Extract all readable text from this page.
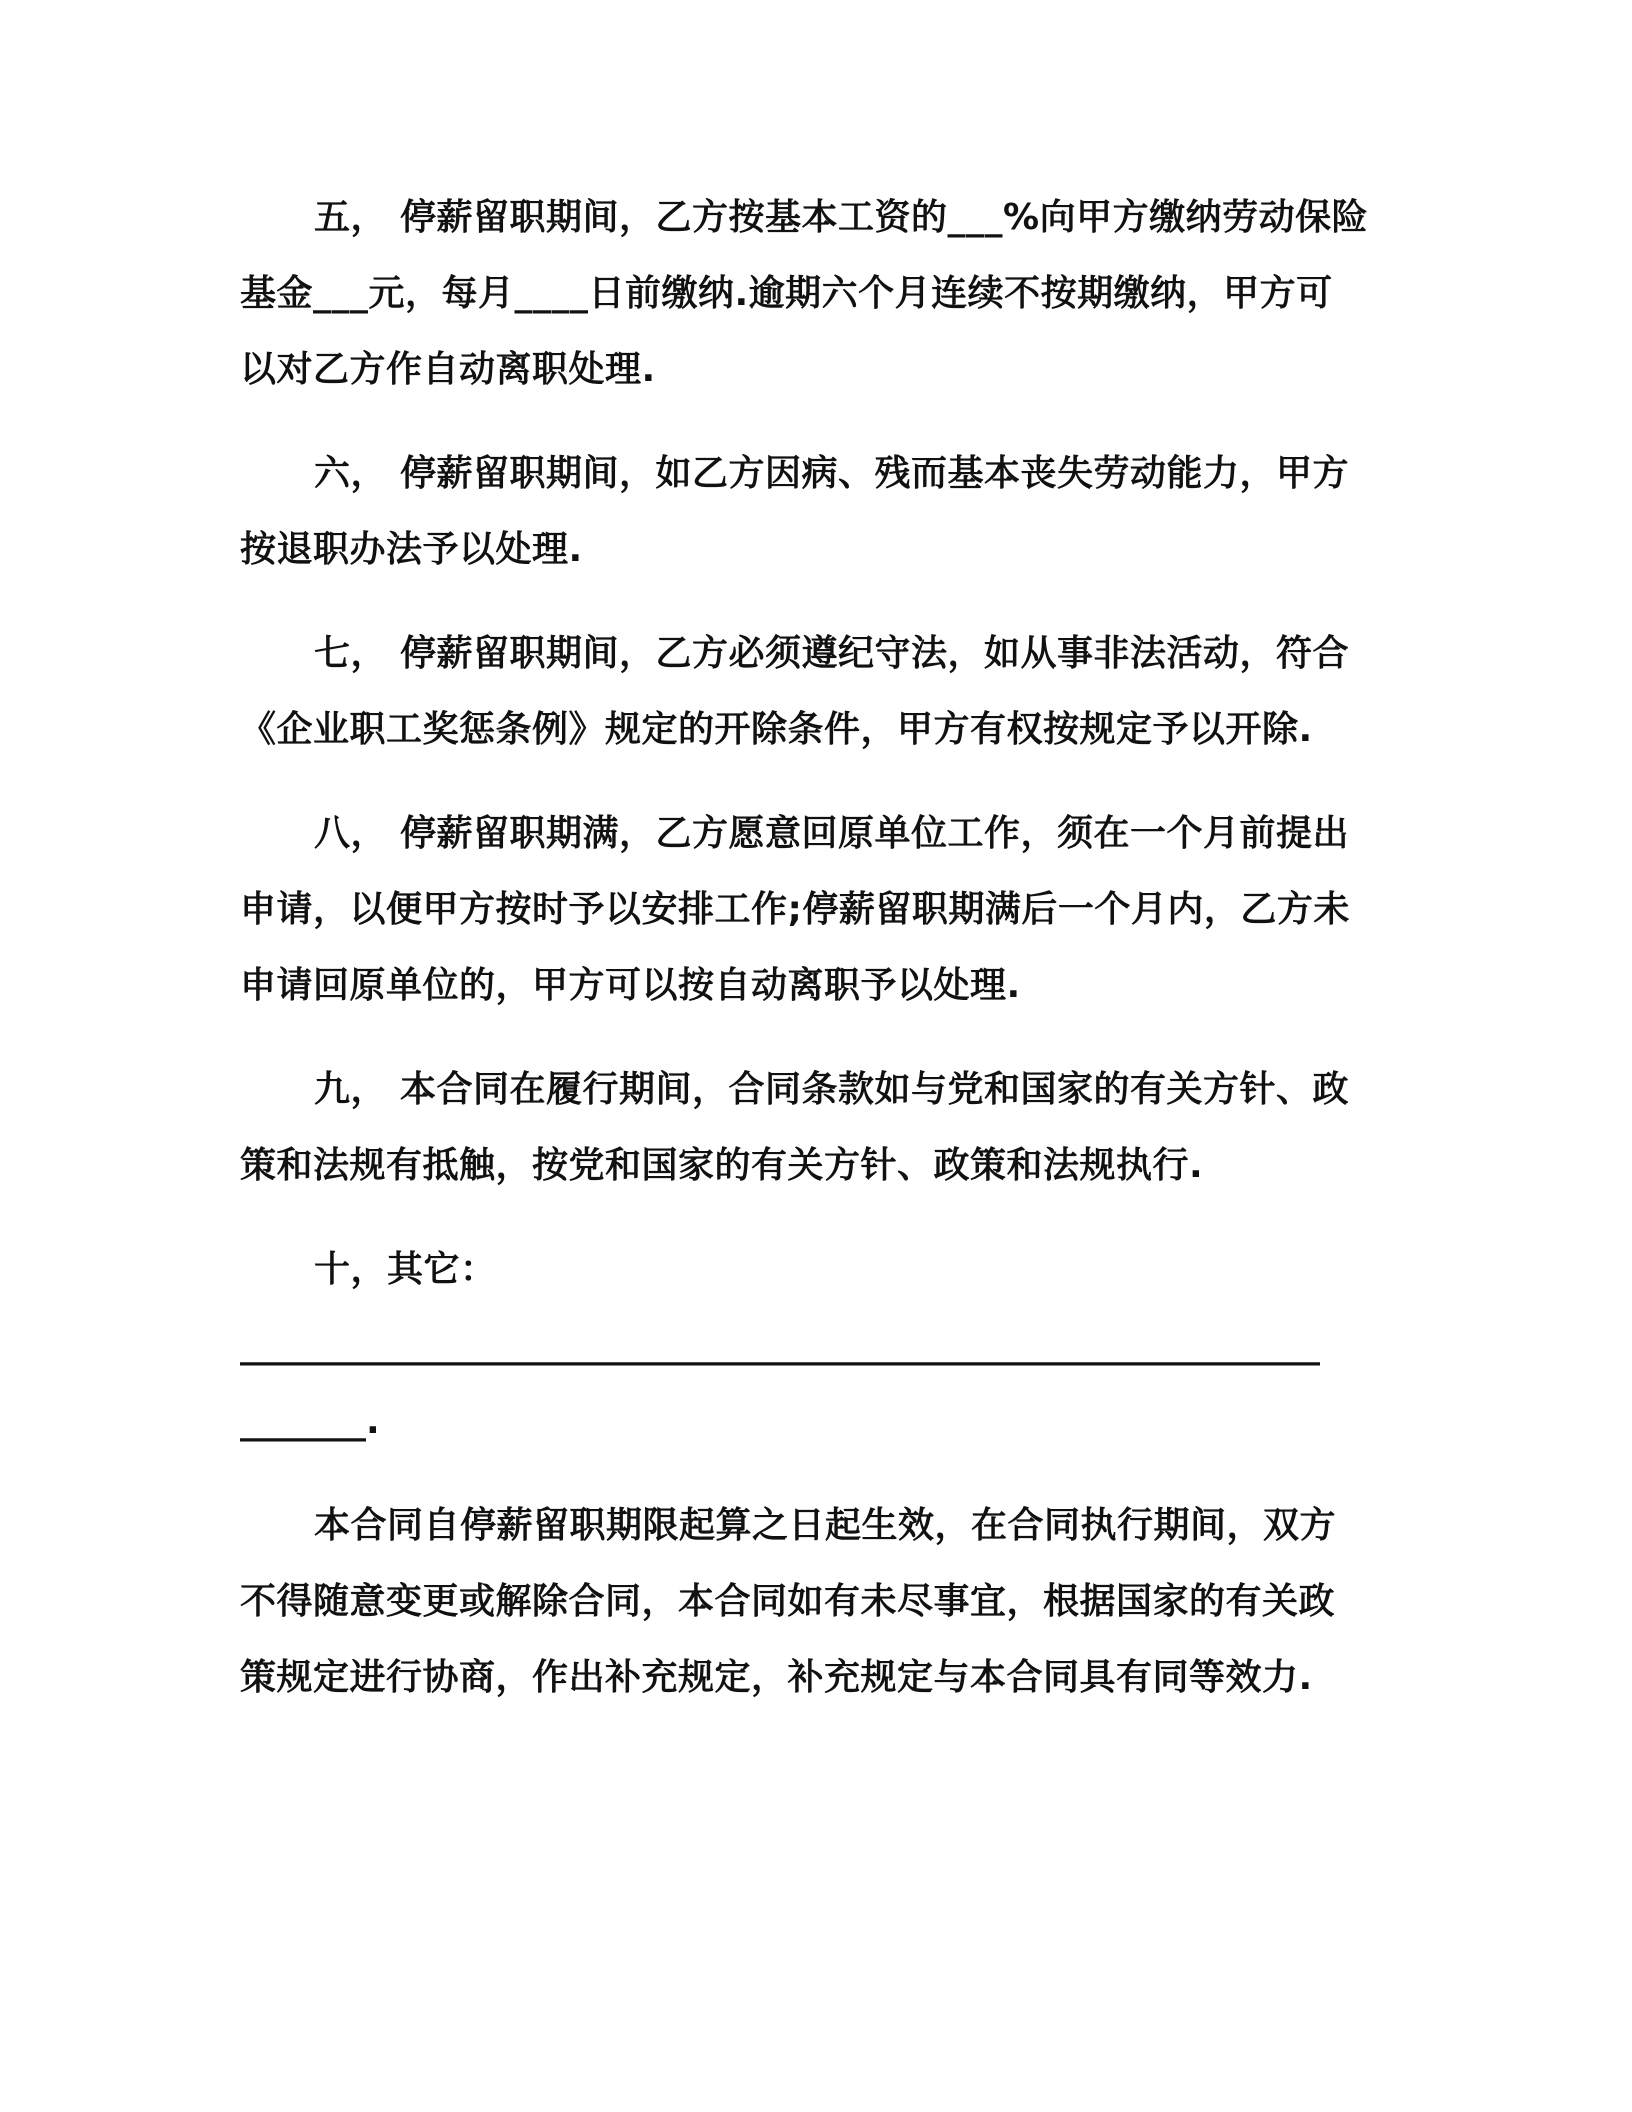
五， 停薪留职期间，乙方按基本工资的___%向甲方缴纳劳动保险
基金___元，每月____日前缴纳.逾期六个月连续不按期缴纳，甲方可
以对乙方作自动离职处理.
六， 停薪留职期间，如乙方因病、残而基本丧失劳动能力，甲方
按退职办法予以处理.
七， 停薪留职期间，乙方必须遵纪守法，如从事非法活动，符合
《企业职工奖惩条例》规定的开除条件，甲方有权按规定予以开除.
八， 停薪留职期满，乙方愿意回原单位工作，须在一个月前提出
申请，以便甲方按时予以安排工作;停薪留职期满后一个月内，乙方未
申请回原单位的，甲方可以按自动离职予以处理.
九， 本合同在履行期间，合同条款如与党和国家的有关方针、政
策和法规有抵触，按党和国家的有关方针、政策和法规执行.
十，其它：
____________________________________________________________
_______.
本合同自停薪留职期限起算之日起生效，在合同执行期间，双方
不得随意变更或解除合同，本合同如有未尽事宜，根据国家的有关政
策规定进行协商，作出补充规定，补充规定与本合同具有同等效力.
